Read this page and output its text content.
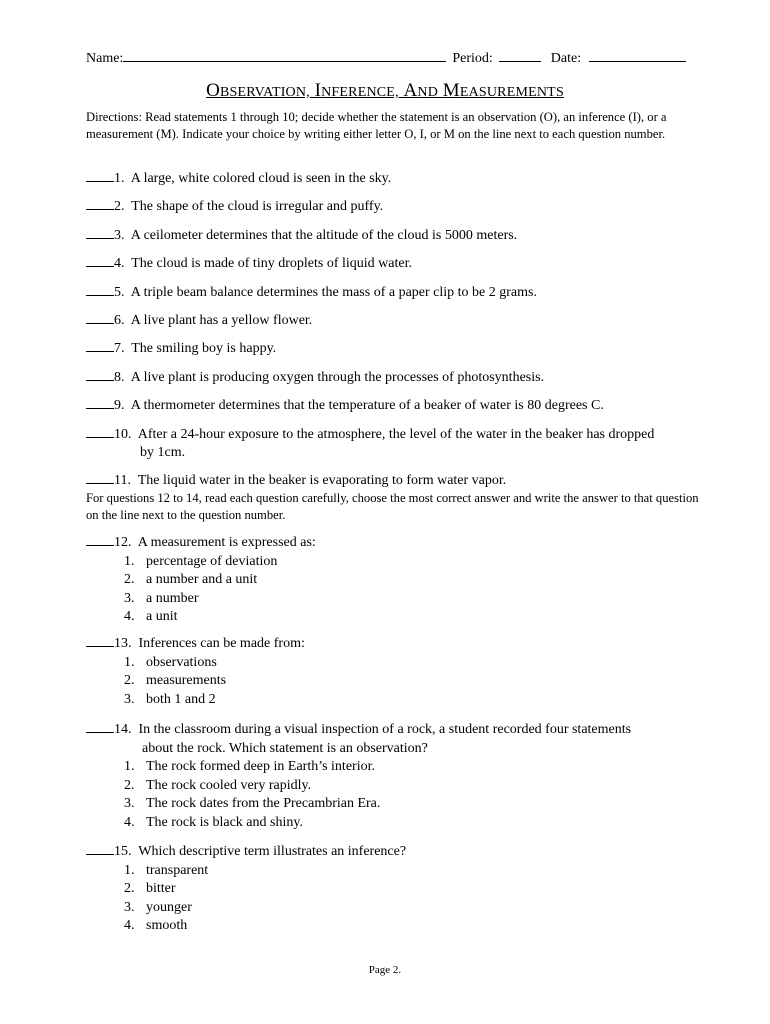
Name:	Period:	Date:
OBSERVATION, INFERENCE, AND MEASUREMENTS
Directions: Read statements 1 through 10; decide whether the statement is an observation (O), an inference (I), or a measurement (M). Indicate your choice by writing either letter O, I, or M on the line next to each question number.
1. A large, white colored cloud is seen in the sky.
2. The shape of the cloud is irregular and puffy.
3. A ceilometer determines that the altitude of the cloud is 5000 meters.
4. The cloud is made of tiny droplets of liquid water.
5. A triple beam balance determines the mass of a paper clip to be 2 grams.
6. A live plant has a yellow flower.
7. The smiling boy is happy.
8. A live plant is producing oxygen through the processes of photosynthesis.
9. A thermometer determines that the temperature of a beaker of water is 80 degrees C.
10. After a 24-hour exposure to the atmosphere, the level of the water in the beaker has dropped
by 1cm.
11. The liquid water in the beaker is evaporating to form water vapor.
For questions 12 to 14, read each question carefully, choose the most correct answer and write the answer to that question on the line next to the question number.
12. A measurement is expressed as:
1. percentage of deviation
2. a number and a unit
3. a number
4. a unit
13. Inferences can be made from:
1. observations
2. measurements
3. both 1 and 2
14. In the classroom during a visual inspection of a rock, a student recorded four statements
about the rock. Which statement is an observation?
1. The rock formed deep in Earth’s interior.
2. The rock cooled very rapidly.
3. The rock dates from the Precambrian Era.
4. The rock is black and shiny.
15. Which descriptive term illustrates an inference?
1. transparent
2. bitter
3. younger
4. smooth
Page 2.
